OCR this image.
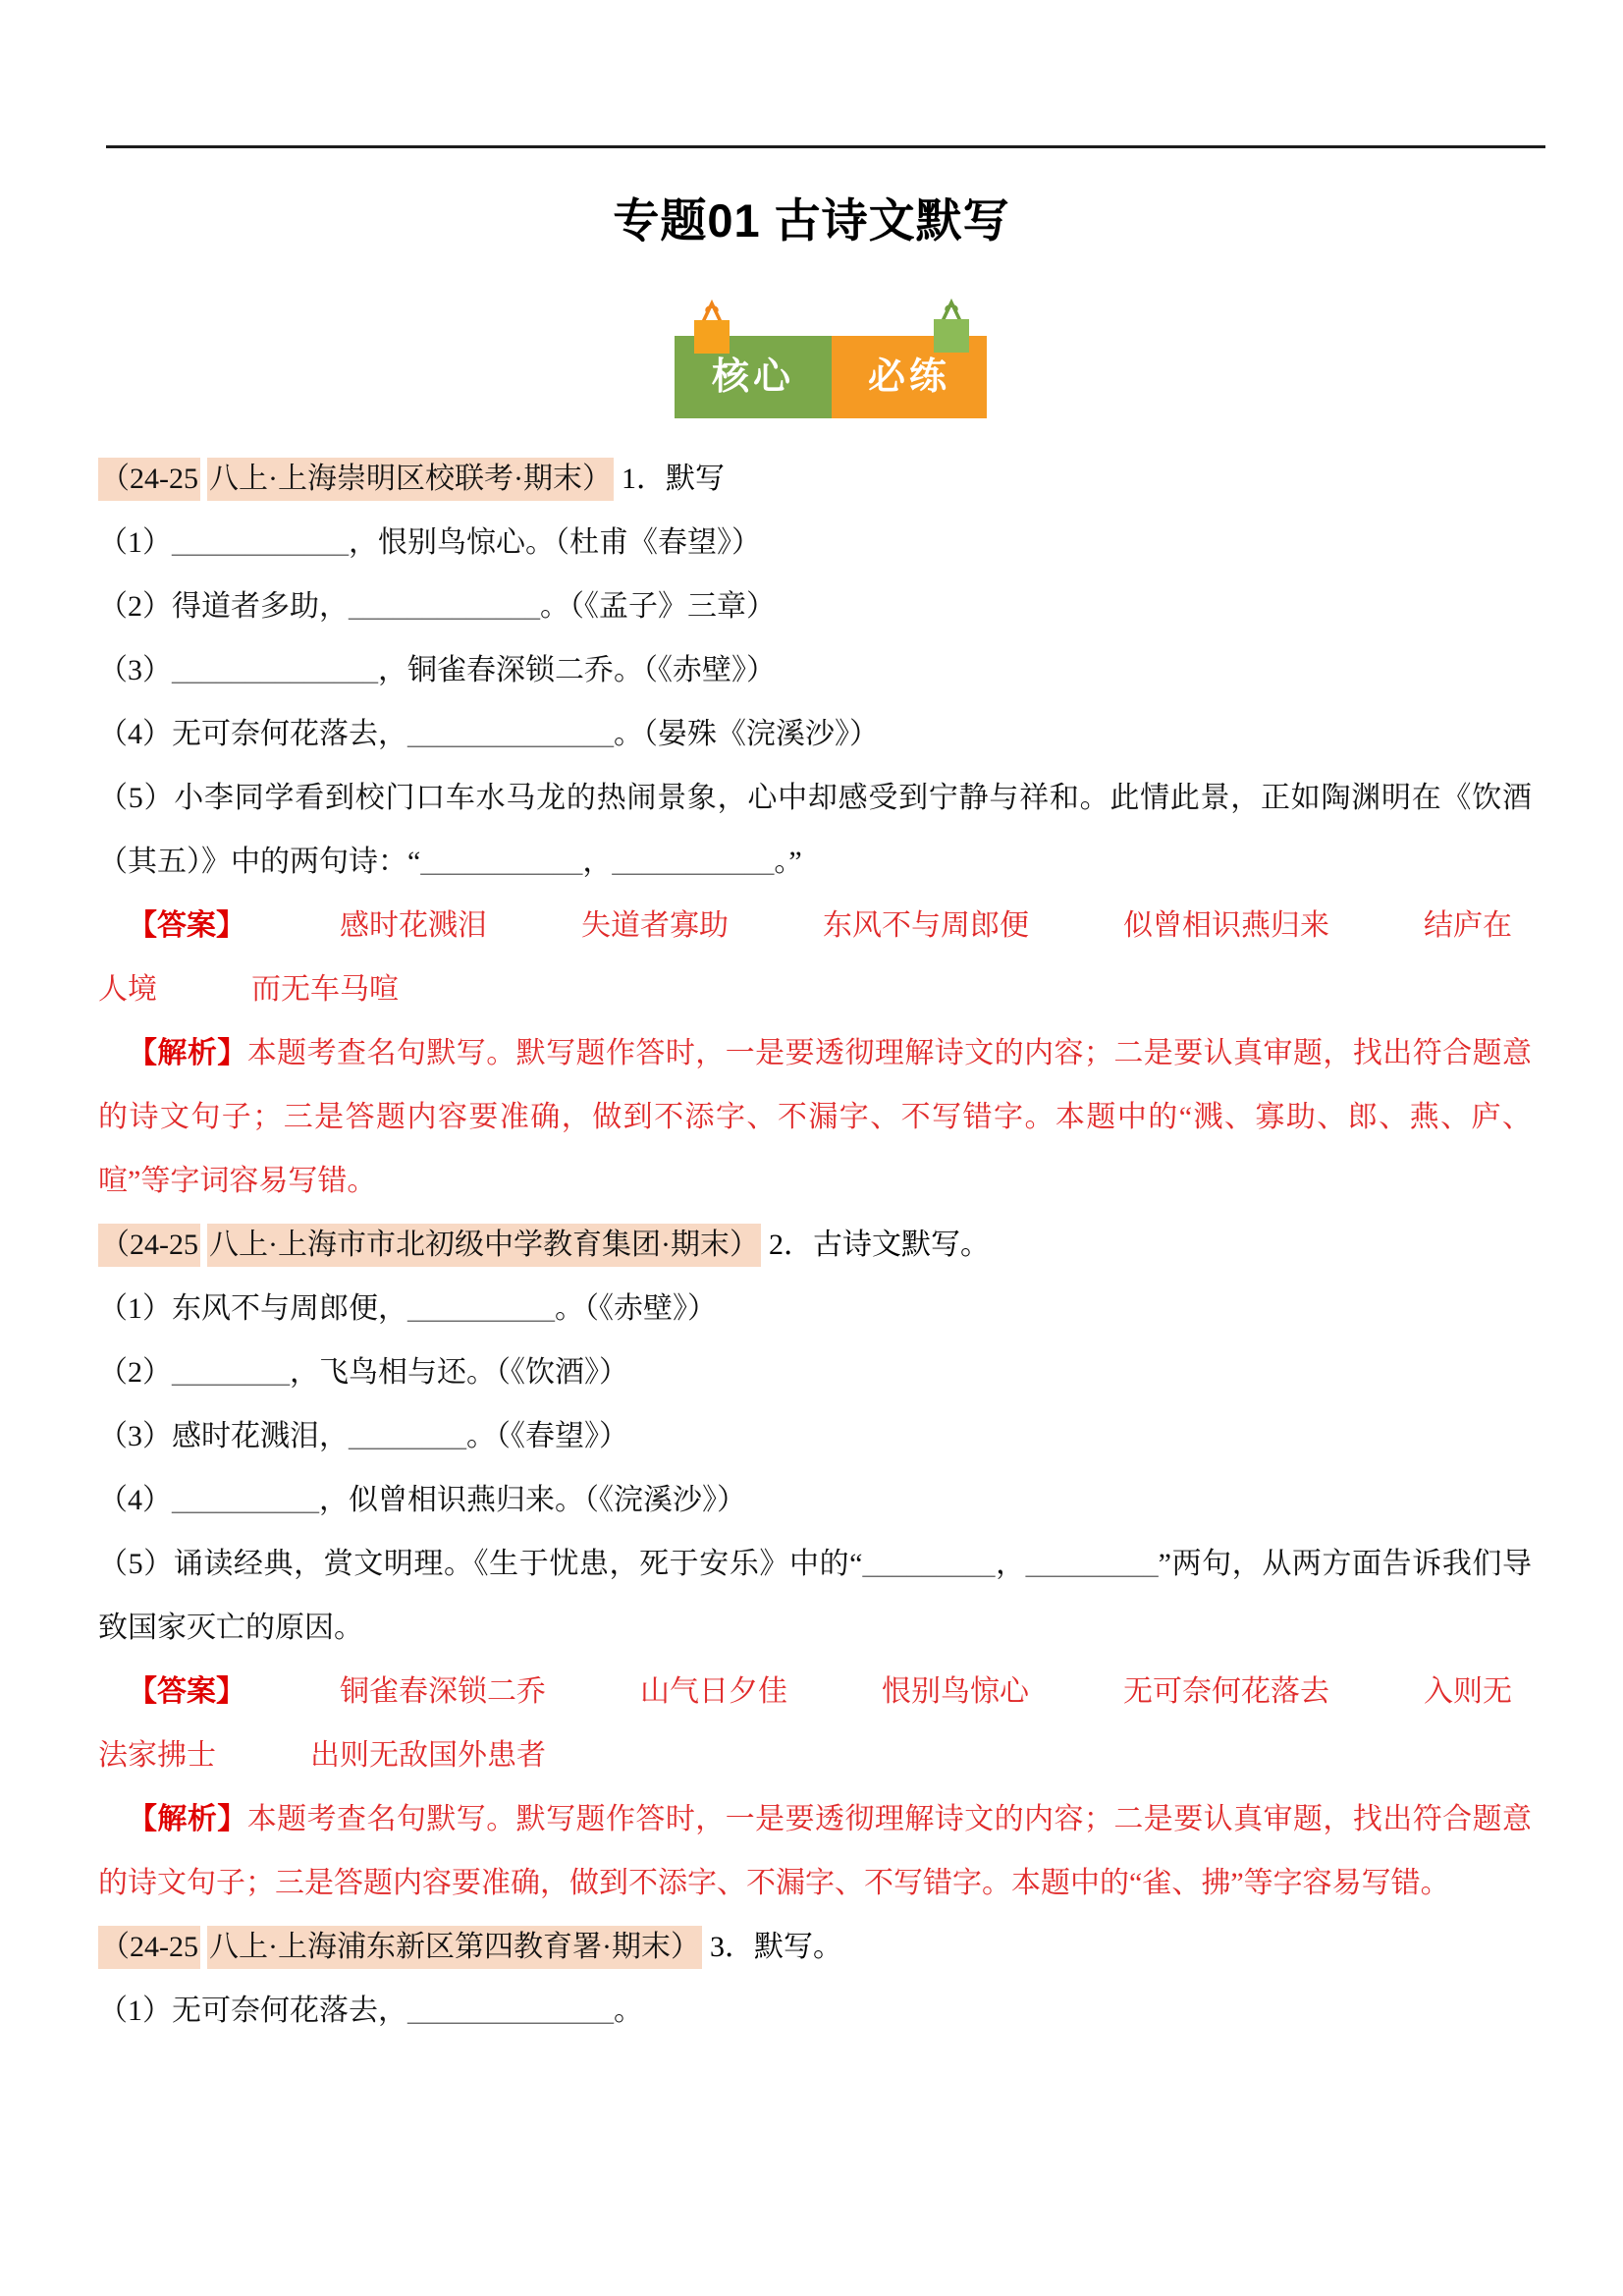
专题01 古诗文默写
核心	必练

（24-25 八上·上海崇明区校联考·期末） 1．默写

（1）____________，恨别鸟惊心。（杜甫《春望》）

（2）得道者多助，_____________。（《孟子》三章）

（3）______________，铜雀春深锁二乔。（《赤壁》）

（4）无可奈何花落去，______________。（晏殊《浣溪沙》）

（5）小李同学看到校门口车水马龙的热闹景象，心中却感受到宁静与祥和。此情此景，正如陶渊明在《饮酒（其五）》中的两句诗：“___________，___________。”

【答案】	感时花溅泪	失道者寡助	东风不与周郎便	似曾相识燕归来	结庐在人境	而无车马喧

【解析】本题考查名句默写。默写题作答时，一是要透彻理解诗文的内容；二是要认真审题，找出符合题意的诗文句子；三是答题内容要准确，做到不添字、不漏字、不写错字。本题中的“溅、寡助、郎、燕、庐、喧”等字词容易写错。

（24-25 八上·上海市市北初级中学教育集团·期末） 2．古诗文默写。

（1）东风不与周郎便，__________。（《赤壁》）

（2）________，飞鸟相与还。（《饮酒》）

（3）感时花溅泪，________。（《春望》）

（4）__________，似曾相识燕归来。（《浣溪沙》）

（5）诵读经典，赏文明理。《生于忧患，死于安乐》中的“_________，_________”两句，从两方面告诉我们导致国家灭亡的原因。

【答案】	铜雀春深锁二乔	山气日夕佳	恨别鸟惊心	无可奈何花落去	入则无法家拂士	出则无敌国外患者

【解析】本题考查名句默写。默写题作答时，一是要透彻理解诗文的内容；二是要认真审题，找出符合题意的诗文句子；三是答题内容要准确，做到不添字、不漏字、不写错字。本题中的“雀、拂”等字容易写错。

（24-25 八上·上海浦东新区第四教育署·期末） 3．默写。

（1）无可奈何花落去，______________。
